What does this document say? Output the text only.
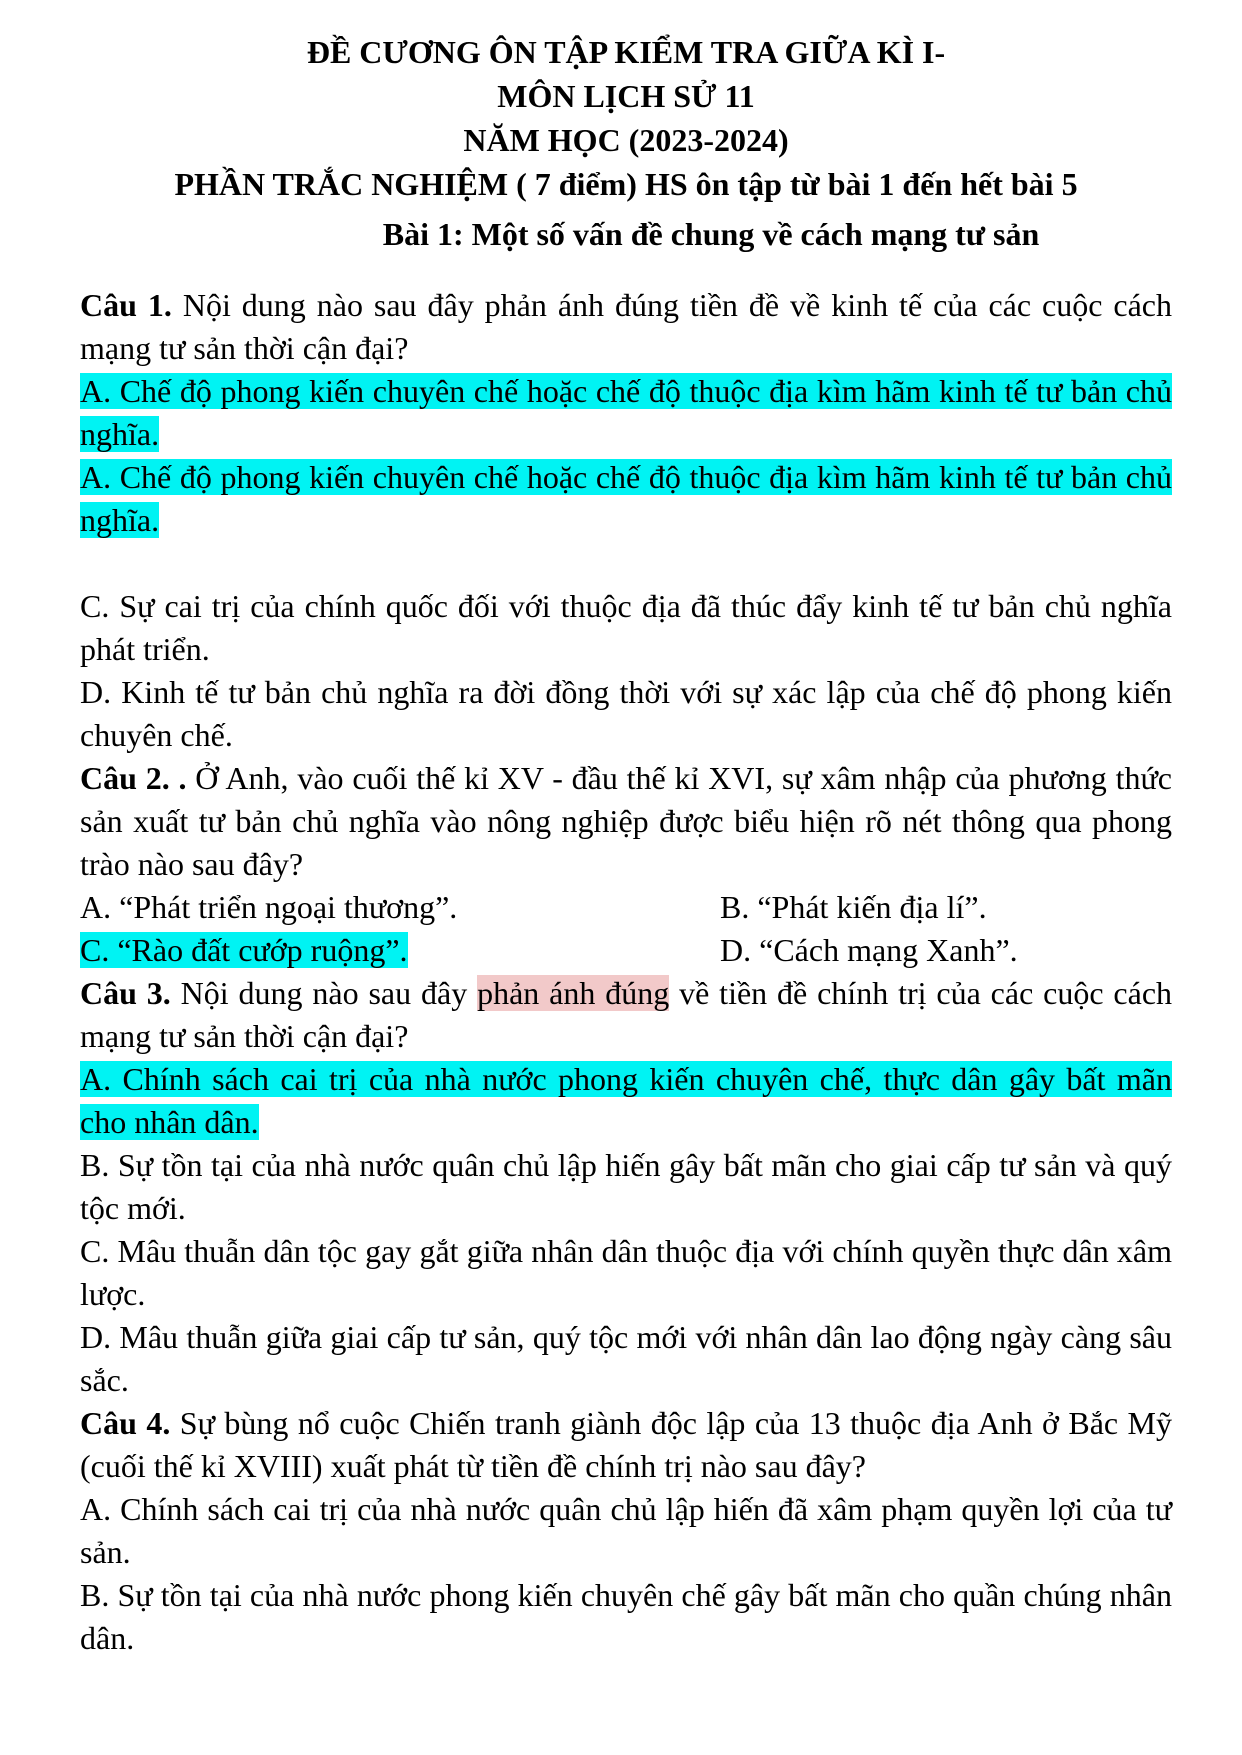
ĐỀ CƯƠNG ÔN TẬP KIỂM TRA GIỮA KÌ I-
MÔN LỊCH SỬ 11
NĂM HỌC (2023-2024)
PHẦN TRẮC NGHIỆM ( 7 điểm) HS ôn tập từ bài 1 đến hết bài 5
Bài 1: Một số vấn đề chung về cách mạng tư sản
Câu 1. Nội dung nào sau đây phản ánh đúng tiền đề về kinh tế của các cuộc cách mạng tư sản thời cận đại?
A. Chế độ phong kiến chuyên chế hoặc chế độ thuộc địa kìm hãm kinh tế tư bản chủ nghĩa.
A. Chế độ phong kiến chuyên chế hoặc chế độ thuộc địa kìm hãm kinh tế tư bản chủ nghĩa.
C. Sự cai trị của chính quốc đối với thuộc địa đã thúc đẩy kinh tế tư bản chủ nghĩa phát triển.
D. Kinh tế tư bản chủ nghĩa ra đời đồng thời với sự xác lập của chế độ phong kiến chuyên chế.
Câu 2. . Ở Anh, vào cuối thế kỉ XV - đầu thế kỉ XVI, sự xâm nhập của phương thức sản xuất tư bản chủ nghĩa vào nông nghiệp được biểu hiện rõ nét thông qua phong trào nào sau đây?
A. “Phát triển ngoại thương”.	B. “Phát kiến địa lí”.
C. “Rào đất cướp ruộng”.	D. “Cách mạng Xanh”.
Câu 3. Nội dung nào sau đây phản ánh đúng về tiền đề chính trị của các cuộc cách mạng tư sản thời cận đại?
A. Chính sách cai trị của nhà nước phong kiến chuyên chế, thực dân gây bất mãn cho nhân dân.
B. Sự tồn tại của nhà nước quân chủ lập hiến gây bất mãn cho giai cấp tư sản và quý tộc mới.
C. Mâu thuẫn dân tộc gay gắt giữa nhân dân thuộc địa với chính quyền thực dân xâm lược.
D. Mâu thuẫn giữa giai cấp tư sản, quý tộc mới với nhân dân lao động ngày càng sâu sắc.
Câu 4. Sự bùng nổ cuộc Chiến tranh giành độc lập của 13 thuộc địa Anh ở Bắc Mỹ (cuối thế kỉ XVIII) xuất phát từ tiền đề chính trị nào sau đây?
A. Chính sách cai trị của nhà nước quân chủ lập hiến đã xâm phạm quyền lợi của tư sản.
B. Sự tồn tại của nhà nước phong kiến chuyên chế gây bất mãn cho quần chúng nhân dân.
